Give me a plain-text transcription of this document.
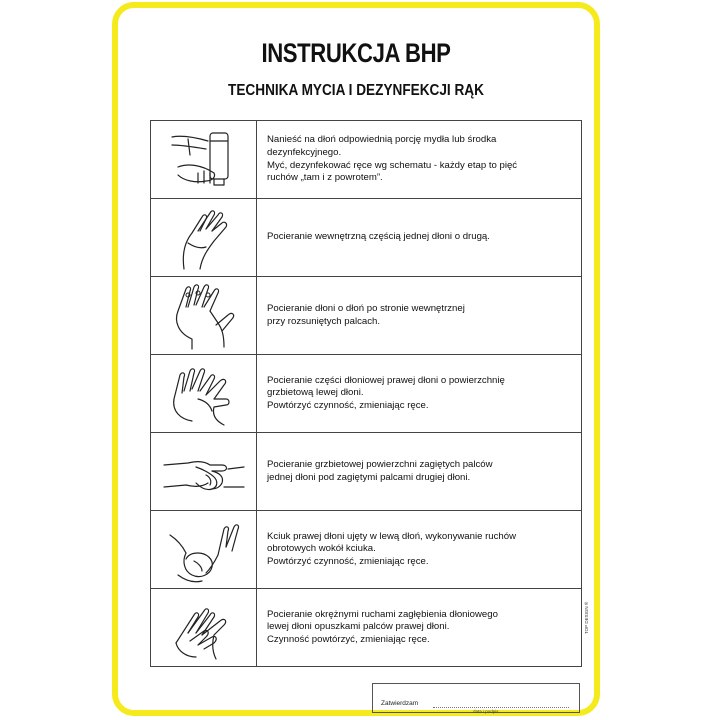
INSTRUKCJA BHP
TECHNIKA MYCIA I DEZYNFEKCJI RĄK
Nanieść na dłoń odpowiednią porcję mydła lub środka
dezynfekcyjnego.
Myć, dezynfekować ręce wg schematu - każdy etap to pięć
ruchów „tam i z powrotem”.
Pocieranie wewnętrzną częścią jednej dłoni o drugą.
Pocieranie dłoni o dłoń po stronie wewnętrznej
przy rozsuniętych palcach.
Pocieranie części dłoniowej prawej dłoni o powierzchnię
grzbietową lewej dłoni.
Powtórzyć czynność, zmieniając ręce.
Pocieranie grzbietowej powierzchni zagiętych palców
jednej dłoni pod zagiętymi palcami drugiej dłoni.
Kciuk prawej dłoni ujęty w lewą dłoń, wykonywanie ruchów
obrotowych wokół kciuka.
Powtórzyć czynność, zmieniając ręce.
Pocieranie okrężnymi ruchami zagłębienia dłoniowego
lewej dłoni opuszkami palców prawej dłoni.
Czynność powtórzyć, zmieniając ręce.
Zatwierdzam
data i podpis
TOP DESIGN ®
